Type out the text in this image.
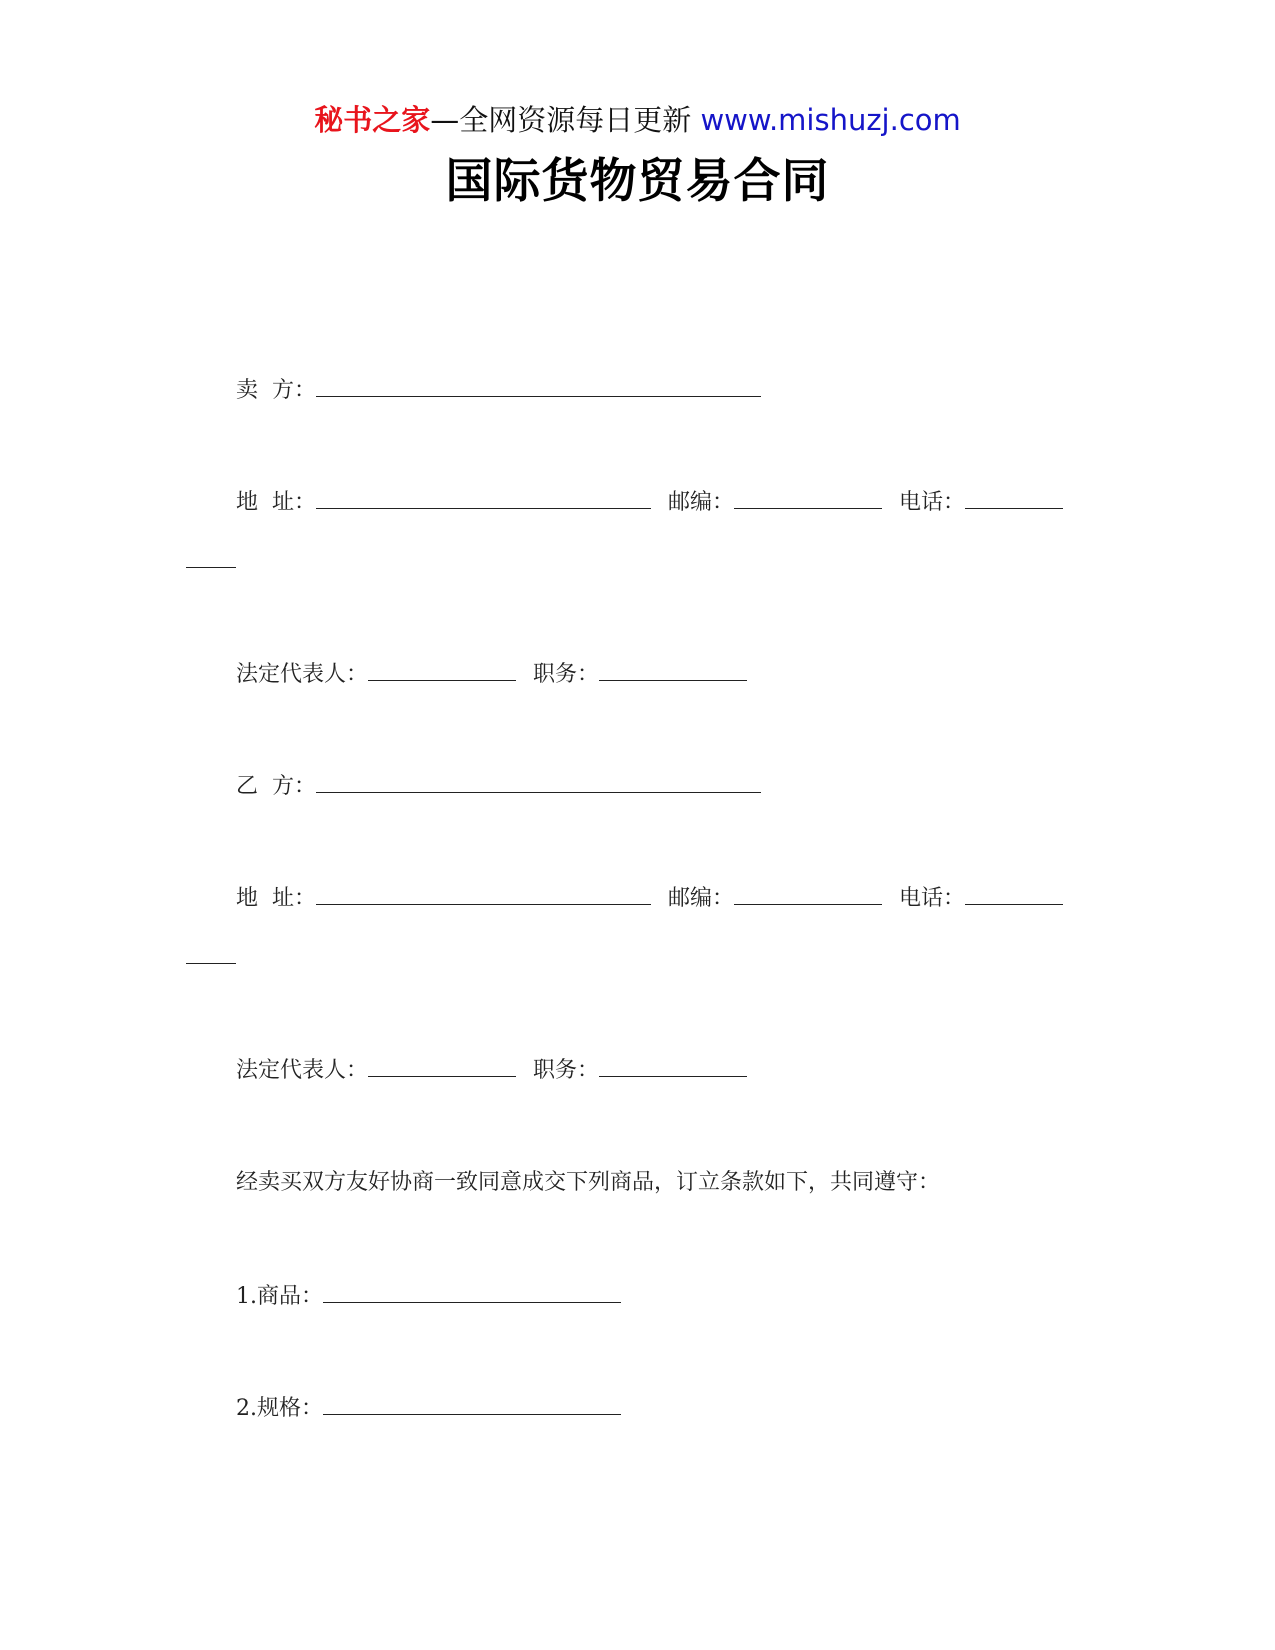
秘书之家—全网资源每日更新 www.mishuzj.com
国际货物贸易合同
卖  方：
地  址：	邮编：	电话：
法定代表人：	职务：
乙  方：
地  址：	邮编：	电话：
法定代表人：	职务：
经卖买双方友好协商一致同意成交下列商品，订立条款如下，共同遵守：
1.商品：
2.规格：
